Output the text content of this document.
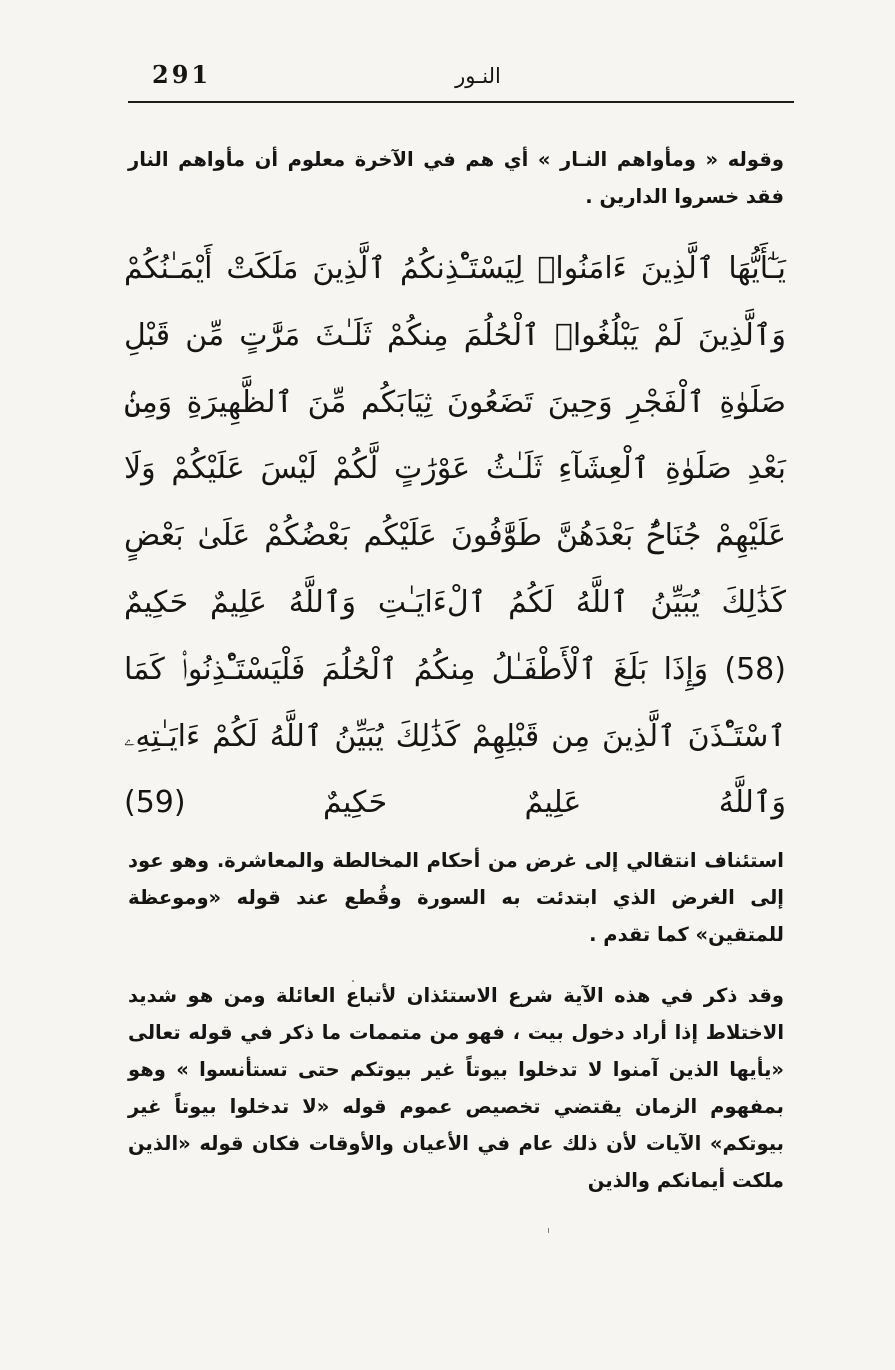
291	النـور
وقوله « ومأواهم النـار » أي هم في الآخرة معلوم أن مأواهم النار فقد خسروا الدارين .
يَـٰٓأَيُّهَا ٱلَّذِينَ ءَامَنُوا۟ لِيَسْتَـْٔذِنكُمُ ٱلَّذِينَ مَلَكَتْ أَيْمَـٰنُكُمْ وَٱلَّذِينَ لَمْ يَبْلُغُوا۟ ٱلْحُلُمَ مِنكُمْ ثَلَـٰثَ مَرَّٰتٍ مِّن قَبْلِ صَلَوٰةِ ٱلْفَجْرِ وَحِينَ تَضَعُونَ ثِيَابَكُم مِّنَ ٱلظَّهِيرَةِ وَمِنۢ بَعْدِ صَلَوٰةِ ٱلْعِشَآءِ ثَلَـٰثُ عَوْرَٰتٍ لَّكُمْ لَيْسَ عَلَيْكُمْ وَلَا عَلَيْهِمْ جُنَاحٌۢ بَعْدَهُنَّ طَوَّٰفُونَ عَلَيْكُم بَعْضُكُمْ عَلَىٰ بَعْضٍ كَذَٰلِكَ يُبَيِّنُ ٱللَّهُ لَكُمُ ٱلْءَايَـٰتِ وَٱللَّهُ عَلِيمٌ حَكِيمٌ (58) وَإِذَا بَلَغَ ٱلْأَطْفَـٰلُ مِنكُمُ ٱلْحُلُمَ فَلْيَسْتَـْٔذِنُوا۟ كَمَا ٱسْتَـْٔذَنَ ٱلَّذِينَ مِن قَبْلِهِمْ كَذَٰلِكَ يُبَيِّنُ ٱللَّهُ لَكُمْ ءَايَـٰتِهِۦ وَٱللَّهُ عَلِيمٌ حَكِيمٌ (59)
استئناف انتقالي إلى غرض من أحكام المخالطة والمعاشرة. وهو عود إلى الغرض الذي ابتدئت به السورة وقُطع عند قوله «وموعظة للمتقين» كما تقدم .
وقد ذكر في هذه الآية شرع الاستئذان لأتباع العائلة ومن هو شديد الاختلاط إذا أراد دخول بيت ، فهو من متممات ما ذكر في قوله تعالى «يأيها الذين آمنوا لا تدخلوا بيوتاً غير بيوتكم حتى تستأنسوا » وهو بمفهوم الزمان يقتضي تخصيص عموم قوله «لا تدخلوا بيوتاً غير بيوتكم» الآيات لأن ذلك عام في الأعيان والأوقات فكان قوله «الذين ملكت أيمانكم والذين
